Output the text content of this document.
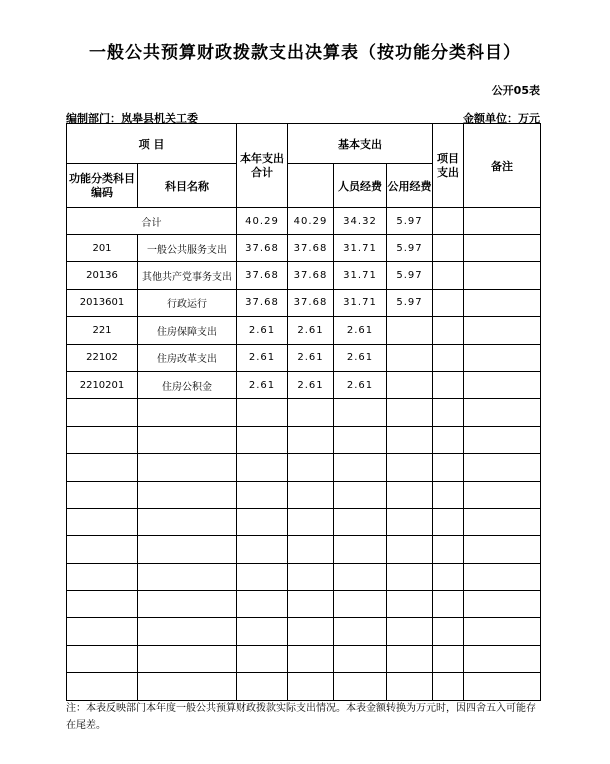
一般公共预算财政拨款支出决算表（按功能分类科目）
公开05表
编制部门：岚皋县机关工委	金额单位：万元
项 目		本年支出合计	基本支出			项目支出	备注
功能分类科目编码	科目名称			人员经费	公用经费		
合计		40.29	40.29	34.32	5.97		
201	一般公共服务支出	37.68	37.68	31.71	5.97		
20136	其他共产党事务支出	37.68	37.68	31.71	5.97		
2013601	行政运行	37.68	37.68	31.71	5.97		
221	住房保障支出	2.61	2.61	2.61			
22102	住房改革支出	2.61	2.61	2.61			
2210201	住房公积金	2.61	2.61	2.61			

注：本表反映部门本年度一般公共预算财政拨款实际支出情况。本表金额转换为万元时，因四舍五入可能存在尾差。
